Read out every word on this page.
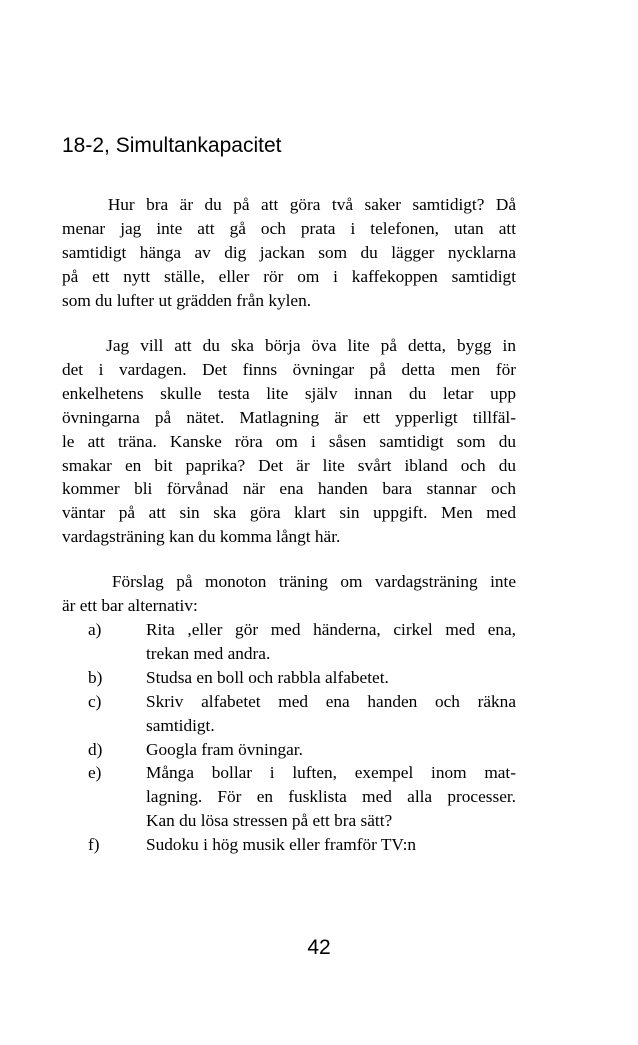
18-2, Simultankapacitet
Hur bra är du på att göra två saker samtidigt? Då
menar jag inte att gå och prata i telefonen, utan att
samtidigt hänga av dig jackan som du lägger nycklarna
på ett nytt ställe, eller rör om i kaffekoppen samtidigt
som du lufter ut grädden från kylen.
Jag vill att du ska börja öva lite på detta, bygg in
det i vardagen. Det finns övningar på detta men för
enkelhetens skulle testa lite själv innan du letar upp
övningarna på nätet. Matlagning är ett ypperligt tillfäl-
le att träna. Kanske röra om i såsen samtidigt som du
smakar en bit paprika? Det är lite svårt ibland och du
kommer bli förvånad när ena handen bara stannar och
väntar på att sin ska göra klart sin uppgift. Men med
vardagsträning kan du komma långt här.
Förslag på monoton träning om vardagsträning inte
är ett bar alternativ:
a)	Rita ,eller gör med händerna, cirkel med ena,
trekan med andra.
b)	Studsa en boll och rabbla alfabetet.
c)	Skriv alfabetet med ena handen och räkna
samtidigt.
d)	Googla fram övningar.
e)	Många bollar i luften, exempel inom mat-
lagning. För en fusklista med alla processer.
Kan du lösa stressen på ett bra sätt?
f)	Sudoku i hög musik eller framför TV:n
42
